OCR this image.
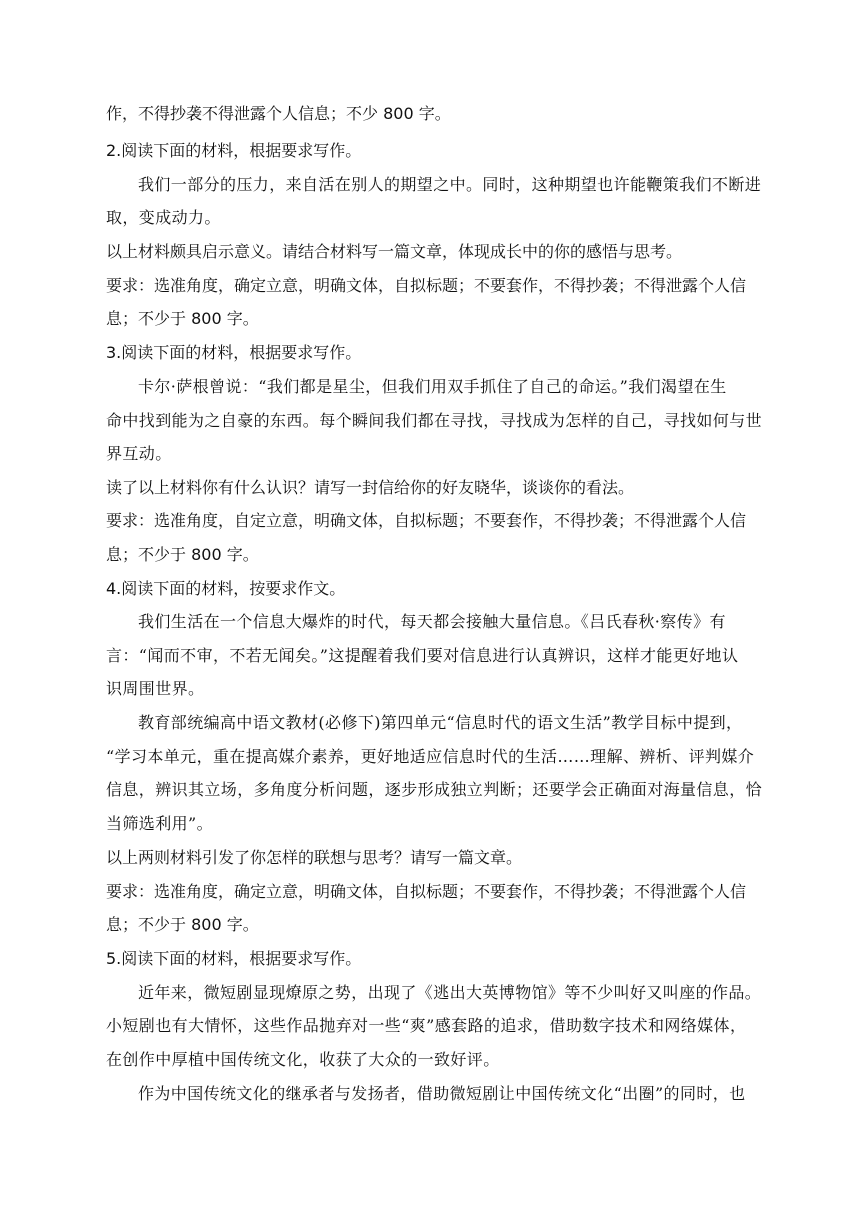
作，不得抄袭不得泄露个人信息；不少 800 字。
2.阅读下面的材料，根据要求写作。
我们一部分的压力，来自活在别人的期望之中。同时，这种期望也许能鞭策我们不断进
取，变成动力。
以上材料颇具启示意义。请结合材料写一篇文章，体现成长中的你的感悟与思考。
要求：选准角度，确定立意，明确文体，自拟标题；不要套作，不得抄袭；不得泄露个人信
息；不少于 800 字。
3.阅读下面的材料，根据要求写作。
卡尔·萨根曾说：“我们都是星尘，但我们用双手抓住了自己的命运。”我们渴望在生
命中找到能为之自豪的东西。每个瞬间我们都在寻找，寻找成为怎样的自己，寻找如何与世
界互动。
读了以上材料你有什么认识？请写一封信给你的好友晓华，谈谈你的看法。
要求：选准角度，自定立意，明确文体，自拟标题；不要套作，不得抄袭；不得泄露个人信
息；不少于 800 字。
4.阅读下面的材料，按要求作文。
我们生活在一个信息大爆炸的时代，每天都会接触大量信息。《吕氏春秋·察传》有
言：“闻而不审，不若无闻矣。”这提醒着我们要对信息进行认真辨识，这样才能更好地认
识周围世界。
教育部统编高中语文教材(必修下)第四单元“信息时代的语文生活”教学目标中提到，
“学习本单元，重在提高媒介素养，更好地适应信息时代的生活……理解、辨析、评判媒介
信息，辨识其立场，多角度分析问题，逐步形成独立判断；还要学会正确面对海量信息，恰
当筛选利用”。
以上两则材料引发了你怎样的联想与思考？请写一篇文章。
要求：选准角度，确定立意，明确文体，自拟标题；不要套作，不得抄袭；不得泄露个人信
息；不少于 800 字。
5.阅读下面的材料，根据要求写作。
近年来，微短剧显现燎原之势，出现了《逃出大英博物馆》等不少叫好又叫座的作品。
小短剧也有大情怀，这些作品抛弃对一些“爽”感套路的追求，借助数字技术和网络媒体，
在创作中厚植中国传统文化，收获了大众的一致好评。
作为中国传统文化的继承者与发扬者，借助微短剧让中国传统文化“出圈”的同时，也
